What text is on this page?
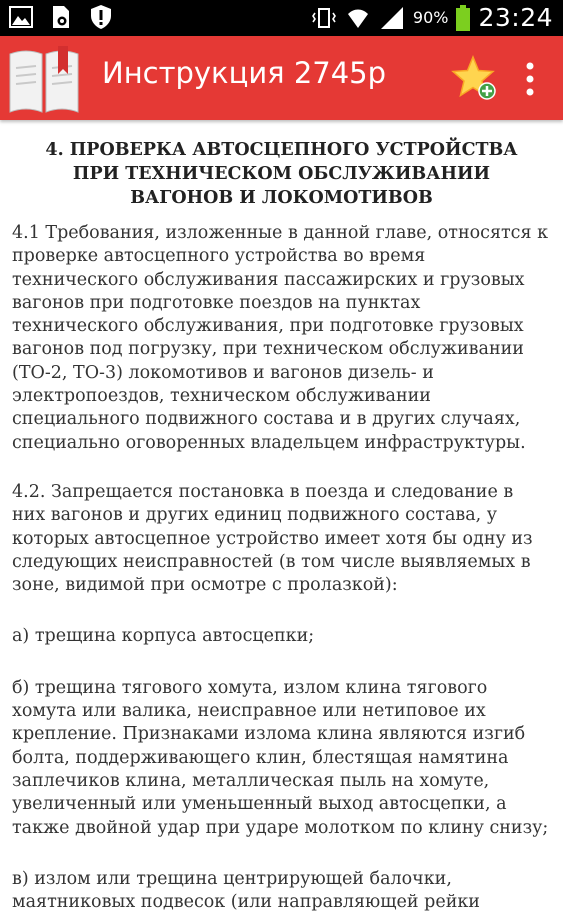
90% 23:24
Инструкция 2745р
4. ПРОВЕРКА АВТОСЦЕПНОГО УСТРОЙСТВА ПРИ ТЕХНИЧЕСКОМ ОБСЛУЖИВАНИИ ВАГОНОВ И ЛОКОМОТИВОВ

4.1 Требования, изложенные в данной главе, относятся к проверке автосцепного устройства во время технического обслуживания пассажирских и грузовых вагонов при подготовке поездов на пунктах технического обслуживания, при подготовке грузовых вагонов под погрузку, при техническом обслуживании (ТО-2, ТО-3) локомотивов и вагонов дизель- и электропоездов, техническом обслуживании специального подвижного состава и в других случаях, специально оговоренных владельцем инфраструктуры.

4.2. Запрещается постановка в поезда и следование в них вагонов и других единиц подвижного состава, у которых автосцепное устройство имеет хотя бы одну из следующих неисправностей (в том числе выявляемых в зоне, видимой при осмотре с пролазкой):

а) трещина корпуса автосцепки;

б) трещина тягового хомута, излом клина тягового хомута или валика, неисправное или нетиповое их крепление. Признаками излома клина являются изгиб болта, поддерживающего клин, блестящая намятина заплечиков клина, металлическая пыль на хомуте, увеличенный или уменьшенный выход автосцепки, а также двойной удар при ударе молотком по клину снизу;

в) излом или трещина центрирующей балочки, маятниковых подвесок (или направляющей рейки
